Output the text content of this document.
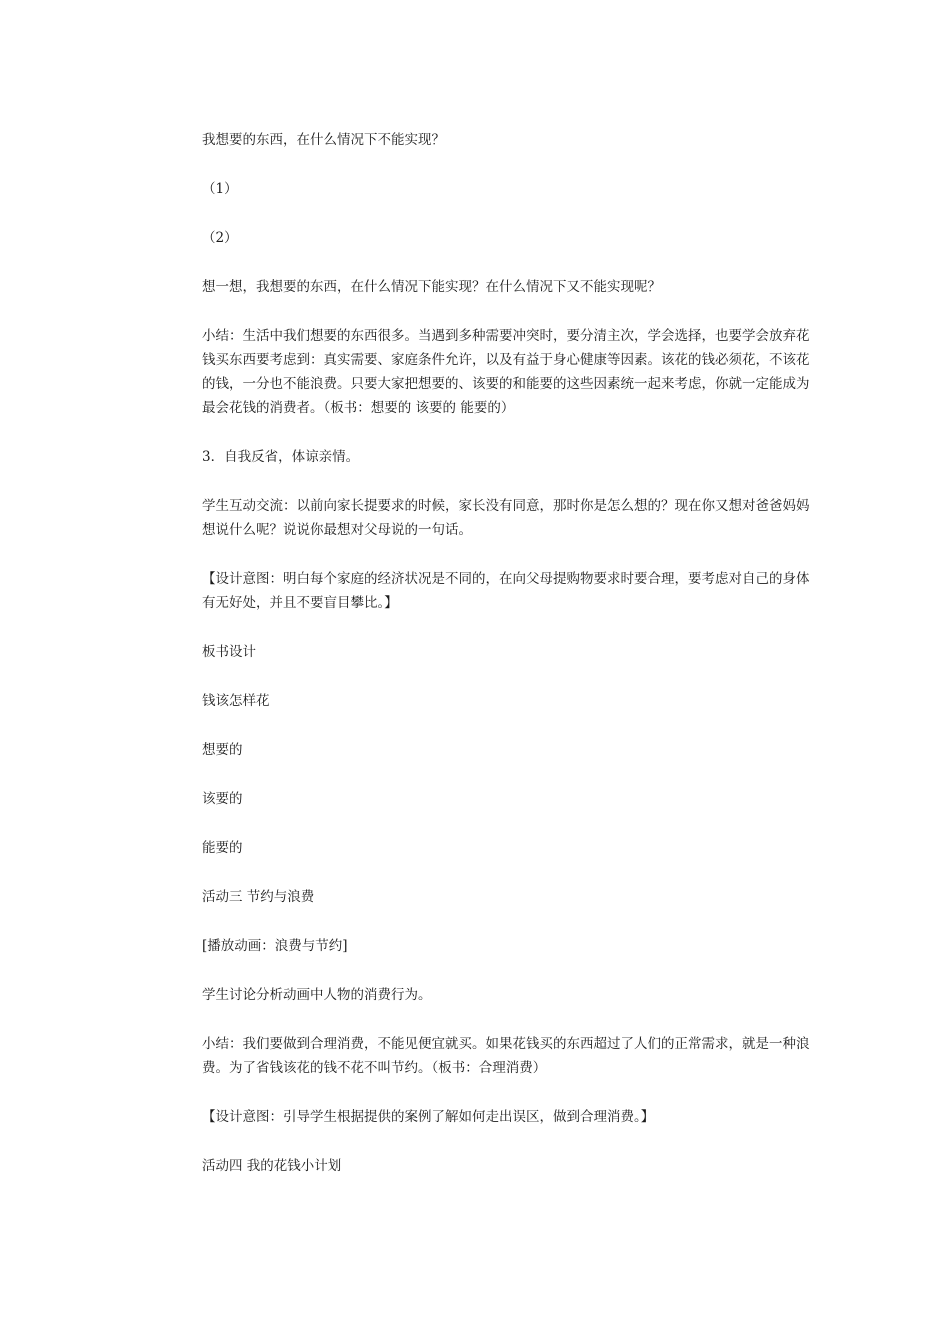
我想要的东西，在什么情况下不能实现？

（1）

（2）

想一想，我想要的东西，在什么情况下能实现？在什么情况下又不能实现呢？

小结：生活中我们想要的东西很多。当遇到多种需要冲突时，要分清主次，学会选择，也要学会放弃花钱买东西要考虑到：真实需要、家庭条件允许，以及有益于身心健康等因素。该花的钱必须花，不该花的钱，一分也不能浪费。只要大家把想要的、该要的和能要的这些因素统一起来考虑，你就一定能成为最会花钱的消费者。（板书：想要的 该要的 能要的）

3．自我反省，体谅亲情。

学生互动交流：以前向家长提要求的时候，家长没有同意，那时你是怎么想的？现在你又想对爸爸妈妈想说什么呢？说说你最想对父母说的一句话。

【设计意图：明白每个家庭的经济状况是不同的，在向父母提购物要求时要合理，要考虑对自己的身体有无好处，并且不要盲目攀比。】

板书设计

钱该怎样花

想要的

该要的

能要的

活动三 节约与浪费

[播放动画：浪费与节约]

学生讨论分析动画中人物的消费行为。

小结：我们要做到合理消费，不能见便宜就买。如果花钱买的东西超过了人们的正常需求，就是一种浪费。为了省钱该花的钱不花不叫节约。（板书：合理消费）

【设计意图：引导学生根据提供的案例了解如何走出误区，做到合理消费。】

活动四 我的花钱小计划
